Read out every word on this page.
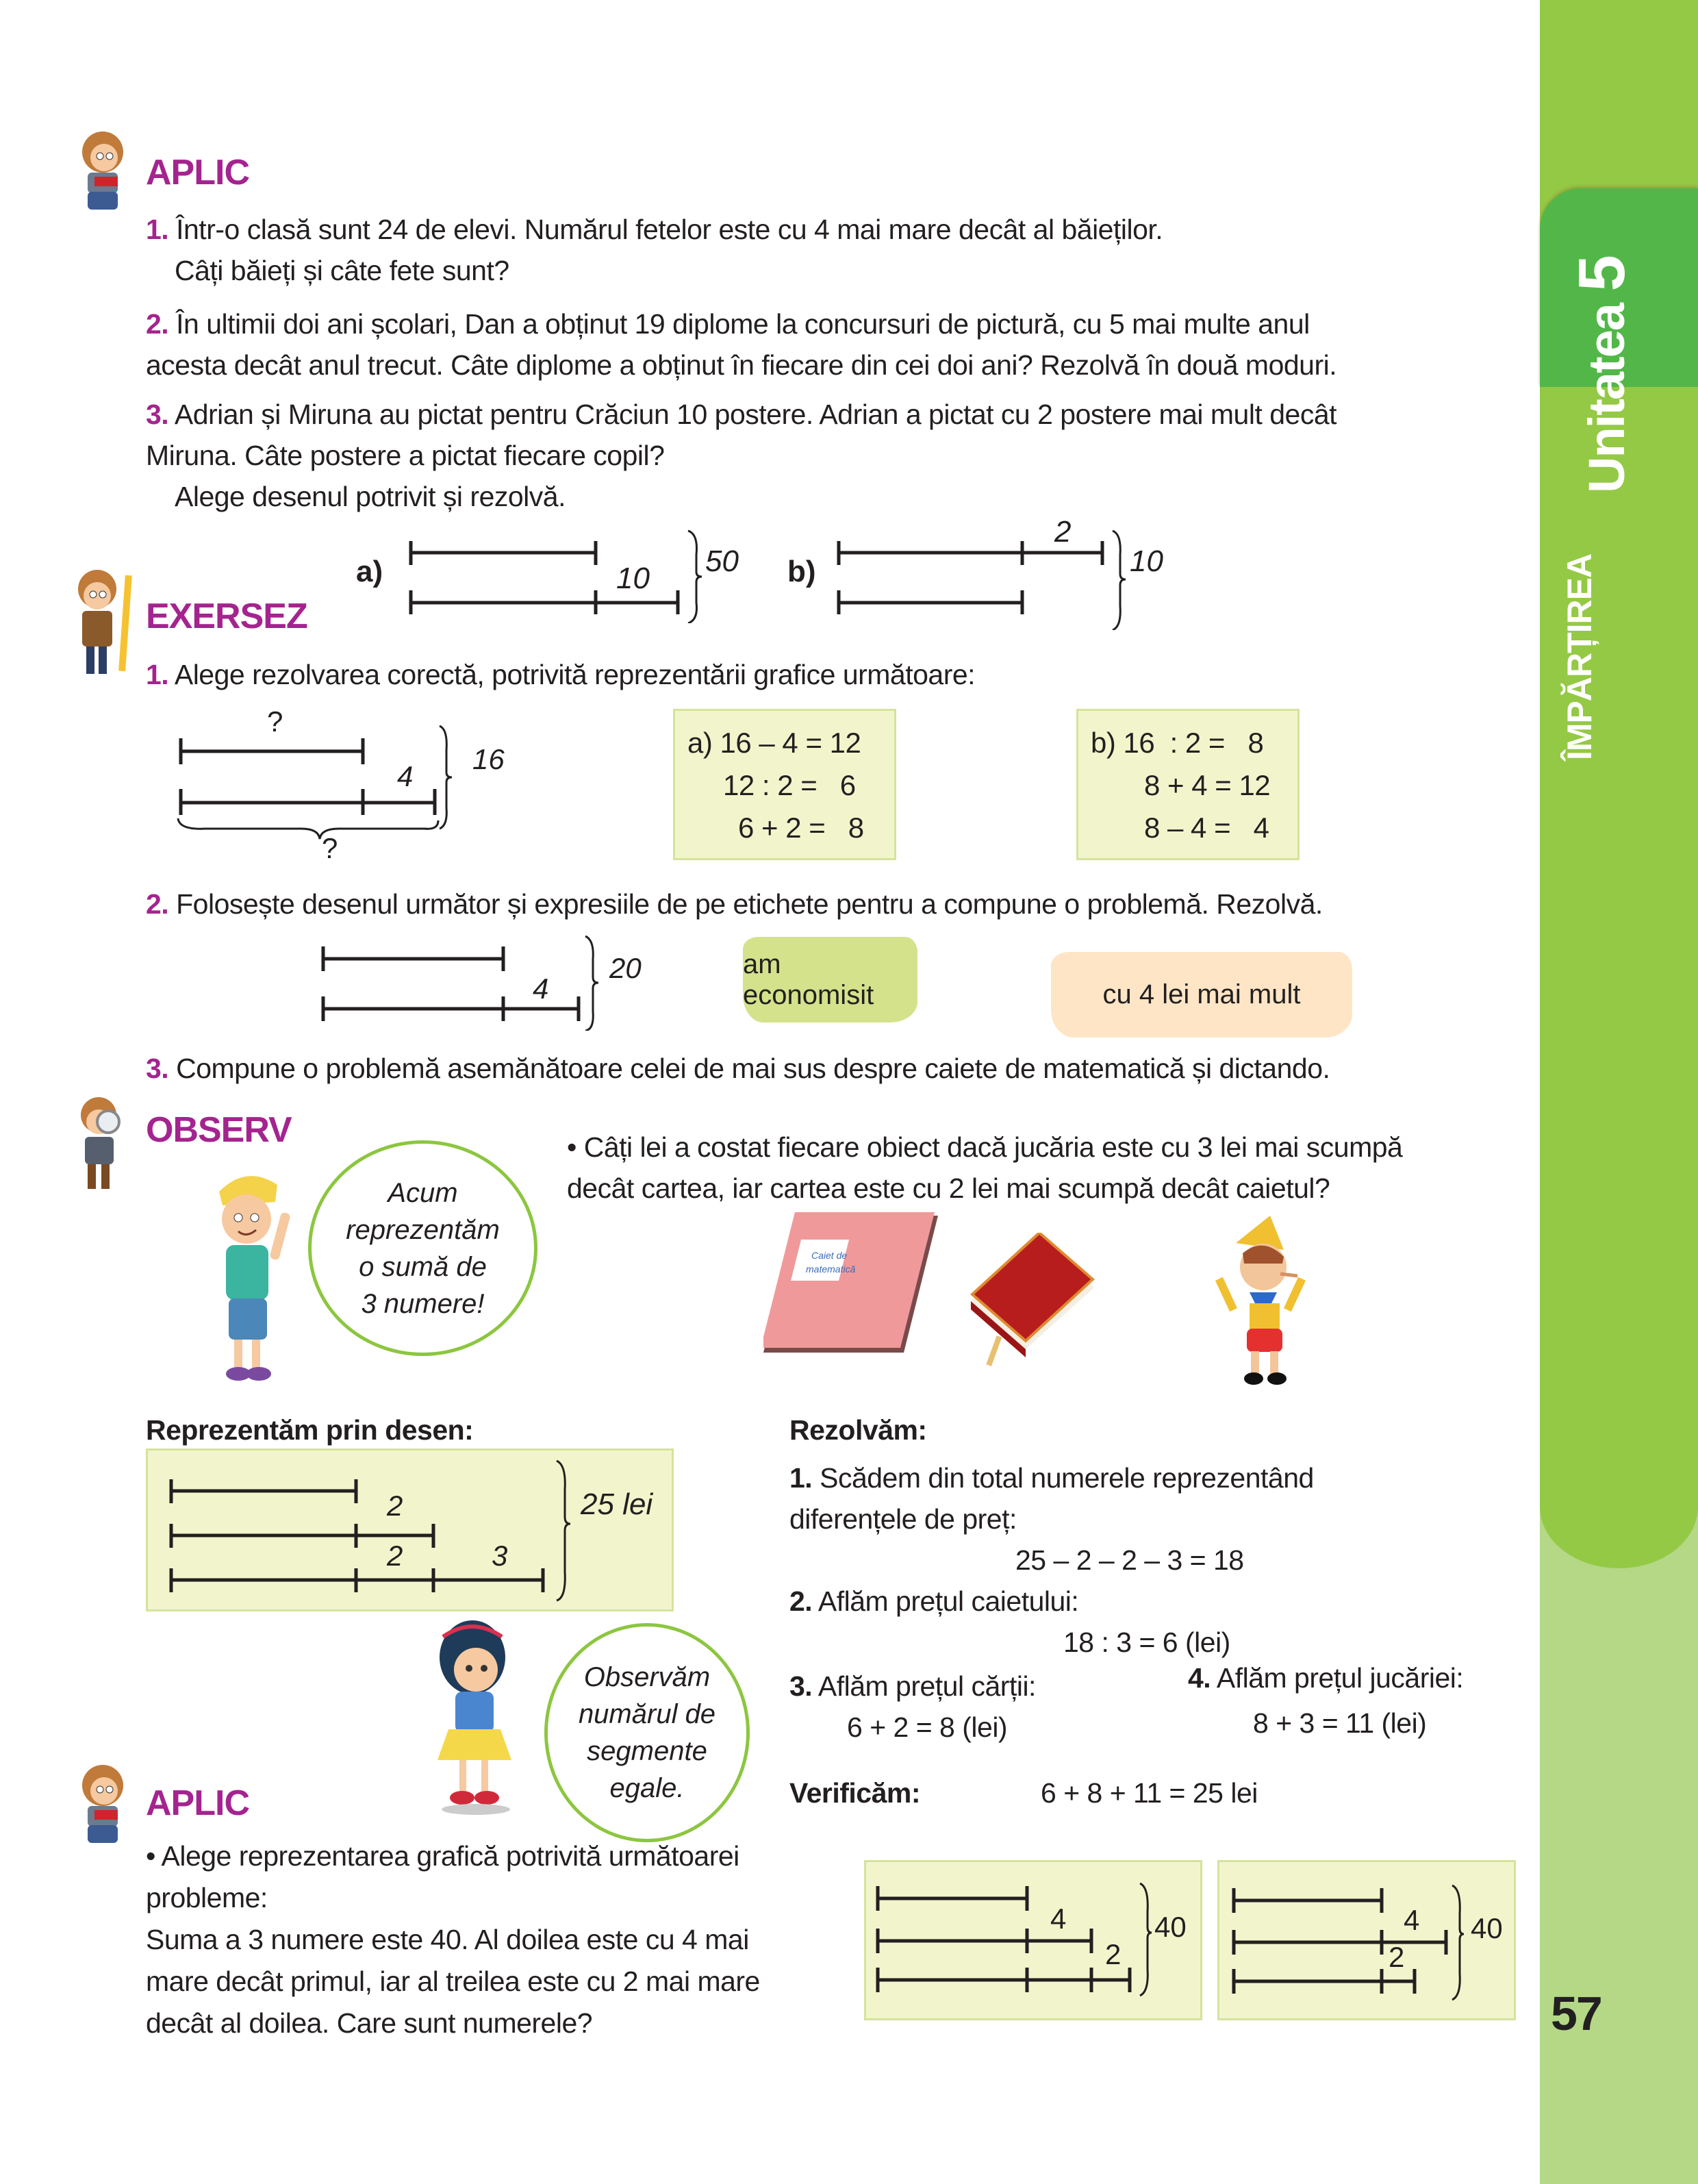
Unitatea 5
ÎMPĂRȚIREA
57
APLIC
1. Într-o clasă sunt 24 de elevi. Numărul fetelor este cu 4 mai mare decât al băieților.
Câți băieți și câte fete sunt?
2. În ultimii doi ani școlari, Dan a obținut 19 diplome la concursuri de pictură, cu 5 mai multe anul
acesta decât anul trecut. Câte diplome a obținut în fiecare din cei doi ani? Rezolvă în două moduri.
3. Adrian și Miruna au pictat pentru Crăciun 10 postere. Adrian a pictat cu 2 postere mai mult decât
Miruna. Câte postere a pictat fiecare copil?
Alege desenul potrivit și rezolvă.
a)	10
50 b)
2
10
EXERSEZ
1. Alege rezolvarea corectă, potrivită reprezentării grafice următoare:
?
4
16
?
a) 16 – 4 = 12
12 : 2 =   6
6 + 2 =   8
b) 16  : 2 =   8
8 + 4 = 12
8 – 4 =   4
2. Folosește desenul următor și expresiile de pe etichete pentru a compune o problemă. Rezolvă.
4
20	am economisit	cu 4 lei mai mult
3. Compune o problemă asemănătoare celei de mai sus despre caiete de matematică și dictando.
OBSERV
Acum
reprezentăm
o sumă de
3 numere!
• Câți lei a costat fiecare obiect dacă jucăria este cu 3 lei mai scumpă
decât cartea, iar cartea este cu 2 lei mai scumpă decât caietul?
Caiet de
matematică
Reprezentăm prin desen:
2
2	3
25 lei
Observăm
numărul de
segmente
egale.
Rezolvăm:
1. Scădem din total numerele reprezentând
diferențele de preț:
25 – 2 – 2 – 3 = 18
2. Aflăm prețul caietului:
18 : 3 = 6 (lei)
3. Aflăm prețul cărții:
6 + 2 = 8 (lei)
4. Aflăm prețul jucăriei:
8 + 3 = 11 (lei)
Verificăm:	6 + 8 + 11 = 25 lei
APLIC
• Alege reprezentarea grafică potrivită următoarei
probleme:
Suma a 3 numere este 40. Al doilea este cu 4 mai
mare decât primul, iar al treilea este cu 2 mai mare
decât al doilea. Care sunt numerele?
4
2
40	4
2
40
